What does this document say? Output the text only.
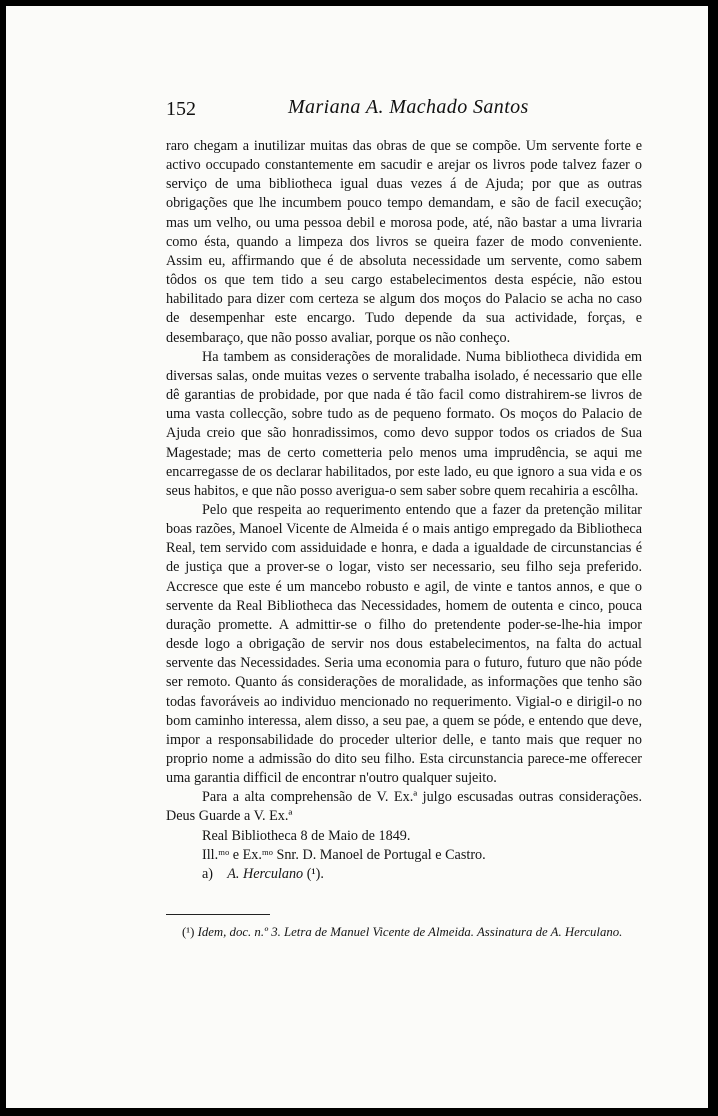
152	Mariana A. Machado Santos

raro chegam a inutilizar muitas das obras de que se compõe. Um servente forte e activo occupado constantemente em sacudir e arejar os livros pode talvez fazer o serviço de uma bibliotheca igual duas vezes á de Ajuda; por que as outras obrigações que lhe incumbem pouco tempo demandam, e são de facil execução; mas um velho, ou uma pessoa debil e morosa pode, até, não bastar a uma livraria como ésta, quando a limpeza dos livros se queira fazer de modo conveniente. Assim eu, affirmando que é de absoluta necessidade um servente, como sabem tôdos os que tem tido a seu cargo estabelecimentos desta espécie, não estou habilitado para dizer com certeza se algum dos moços do Palacio se acha no caso de desempenhar este encargo. Tudo depende da sua actividade, forças, e desembaraço, que não posso avaliar, porque os não conheço.

Ha tambem as considerações de moralidade. Numa bibliotheca dividida em diversas salas, onde muitas vezes o servente trabalha isolado, é necessario que elle dê garantias de probidade, por que nada é tão facil como distrahirem-se livros de uma vasta collecção, sobre tudo as de pequeno formato. Os moços do Palacio de Ajuda creio que são honradissimos, como devo suppor todos os criados de Sua Magestade; mas de certo cometteria pelo menos uma imprudência, se aqui me encarregasse de os declarar habilitados, por este lado, eu que ignoro a sua vida e os seus habitos, e que não posso averigua-o sem saber sobre quem recahiria a escôlha.

Pelo que respeita ao requerimento entendo que a fazer da pretenção militar boas razões, Manoel Vicente de Almeida é o mais antigo empregado da Bibliotheca Real, tem servido com assiduidade e honra, e dada a igualdade de circunstancias é de justiça que a prover-se o logar, visto ser necessario, seu filho seja preferido. Accresce que este é um mancebo robusto e agil, de vinte e tantos annos, e que o servente da Real Bibliotheca das Necessidades, homem de outenta e cinco, pouca duração promette. A admittir-se o filho do pretendente poder-se-lhe-hia impor desde logo a obrigação de servir nos dous estabelecimentos, na falta do actual servente das Necessidades. Seria uma economia para o futuro, futuro que não póde ser remoto. Quanto ás considerações de moralidade, as informações que tenho são todas favoráveis ao individuo mencionado no requerimento. Vigial-o e dirigil-o no bom caminho interessa, alem disso, a seu pae, a quem se póde, e entendo que deve, impor a responsabilidade do proceder ulterior delle, e tanto mais que requer no proprio nome a admissão do dito seu filho. Esta circunstancia parece-me offerecer uma garantia difficil de encontrar n'outro qualquer sujeito.

Para a alta comprehensão de V. Ex.ª julgo escusadas outras considerações. Deus Guarde a V. Ex.ª

Real Bibliotheca 8 de Maio de 1849.

Ill.ᵐᵒ e Ex.ᵐᵒ Snr. D. Manoel de Portugal e Castro.

a) A. Herculano (¹).

(¹) Idem, doc. n.º 3. Letra de Manuel Vicente de Almeida. Assinatura de A. Herculano.
